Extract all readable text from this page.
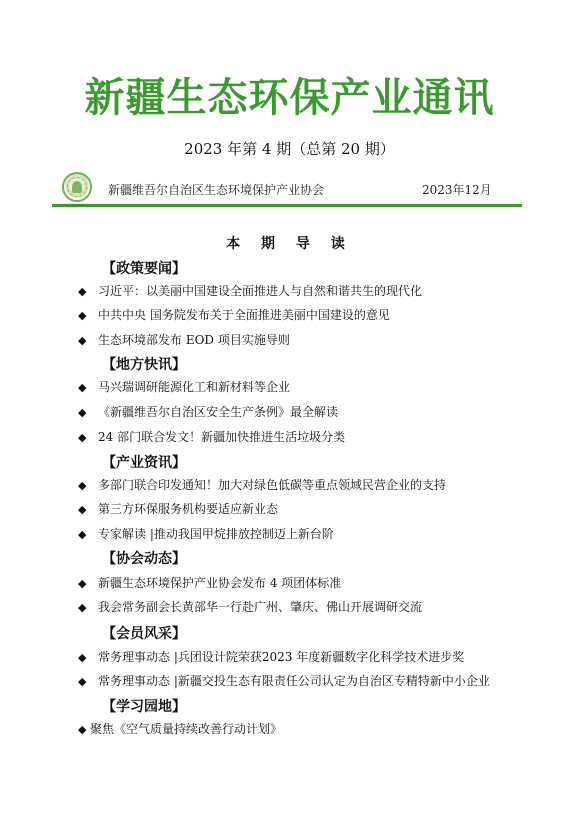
新疆生态环保产业通讯
2023 年第 4 期（总第 20 期）
新疆维吾尔自治区生态环境保护产业协会	2023年12月
本 期 导 读
【政策要闻】
◆ 习近平：以美丽中国建设全面推进人与自然和谐共生的现代化
◆ 中共中央 国务院发布关于全面推进美丽中国建设的意见
◆ 生态环境部发布 EOD 项目实施导则
【地方快讯】
◆ 马兴瑞调研能源化工和新材料等企业
◆ 《新疆维吾尔自治区安全生产条例》最全解读
◆ 24 部门联合发文！新疆加快推进生活垃圾分类
【产业资讯】
◆ 多部门联合印发通知！加大对绿色低碳等重点领域民营企业的支持
◆ 第三方环保服务机构要适应新业态
◆ 专家解读 |推动我国甲烷排放控制迈上新台阶
【协会动态】
◆ 新疆生态环境保护产业协会发布 4 项团体标准
◆ 我会常务副会长黄部华一行赴广州、肇庆、佛山开展调研交流
【会员风采】
◆ 常务理事动态 |兵团设计院荣获2023 年度新疆数字化科学技术进步奖
◆ 常务理事动态 |新疆交投生态有限责任公司认定为自治区专精特新中小企业
【学习园地】
◆ 聚焦《空气质量持续改善行动计划》
